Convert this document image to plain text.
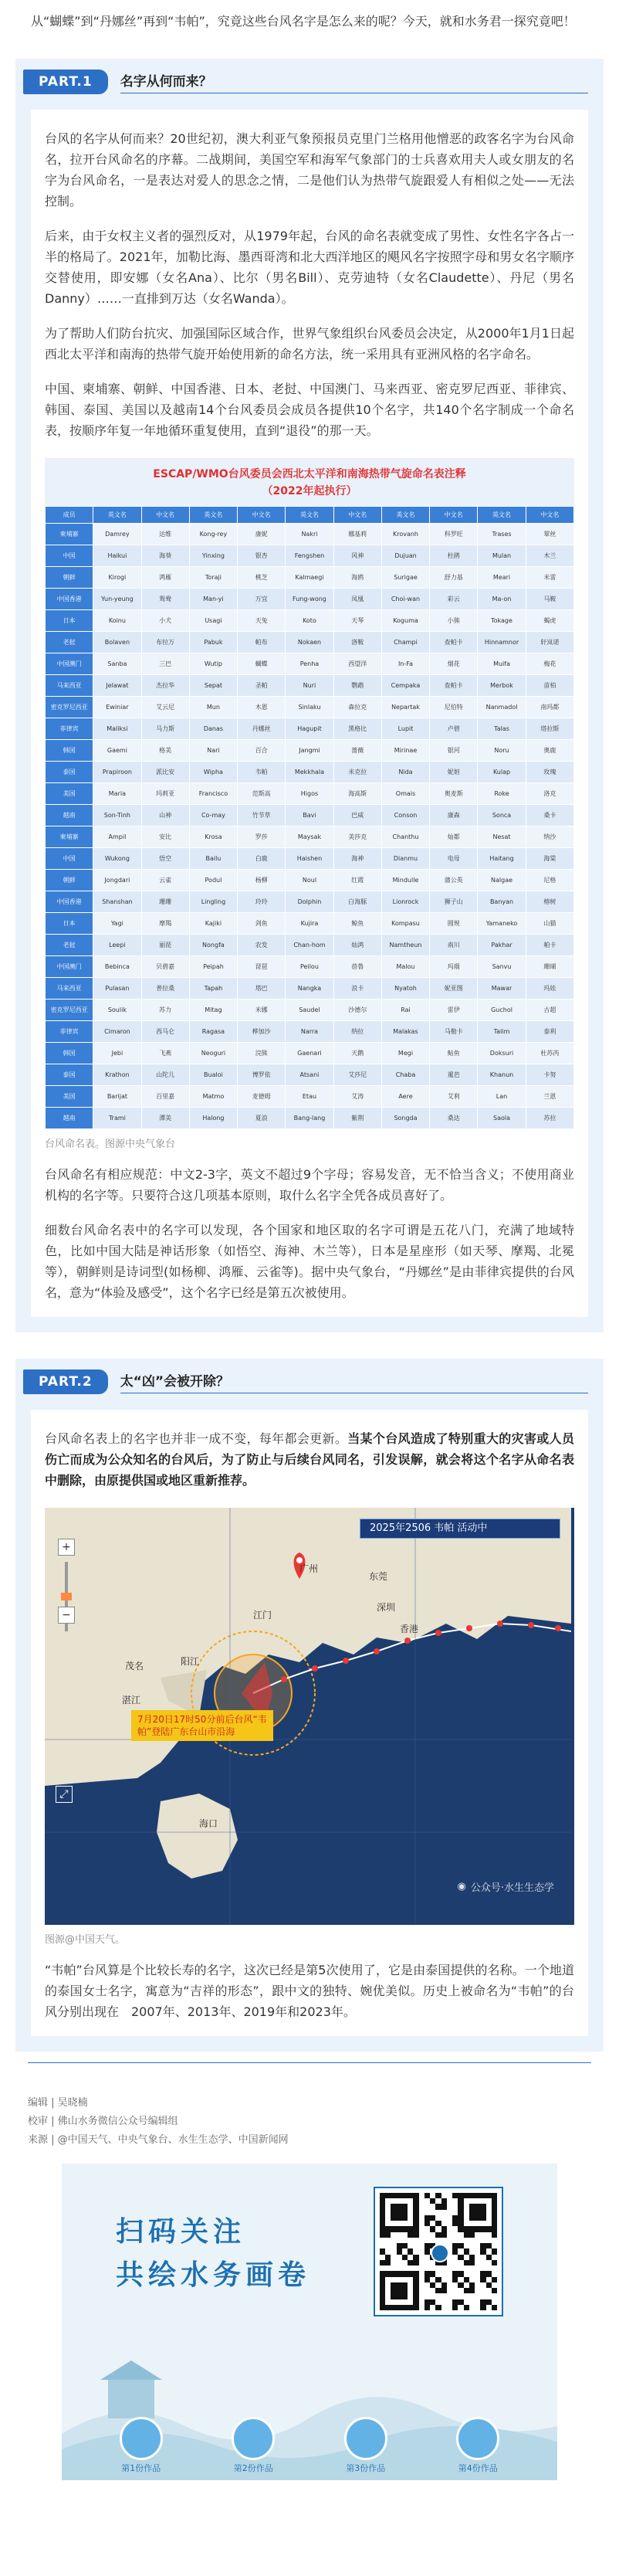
从“蝴蝶”到“丹娜丝”再到“韦帕”，究竟这些台风名字是怎么来的呢？今天，就和水务君一探究竟吧！

PART.1	名字从何而来？

台风的名字从何而来？20世纪初，澳大利亚气象预报员克里门兰格用他憎恶的政客名字为台风命名，拉开台风命名的序幕。二战期间，美国空军和海军气象部门的士兵喜欢用夫人或女朋友的名字为台风命名，一是表达对爱人的思念之情，二是他们认为热带气旋跟爱人有相似之处——无法控制。

后来，由于女权主义者的强烈反对，从1979年起，台风的命名表就变成了男性、女性名字各占一半的格局了。2021年，加勒比海、墨西哥湾和北大西洋地区的飓风名字按照字母和男女名字顺序交替使用，即安娜（女名Ana）、比尔（男名Bill）、克劳迪特（女名Claudette）、丹尼（男名Danny）……一直排到万达（女名Wanda）。

为了帮助人们防台抗灾、加强国际区域合作，世界气象组织台风委员会决定，从2000年1月1日起西北太平洋和南海的热带气旋开始使用新的命名方法，统一采用具有亚洲风格的名字命名。

中国、柬埔寨、朝鲜、中国香港、日本、老挝、中国澳门、马来西亚、密克罗尼西亚、菲律宾、韩国、泰国、美国以及越南14个台风委员会成员各提供10个名字，共140个名字制成一个命名表，按顺序年复一年地循环重复使用，直到“退役”的那一天。

ESCAP/WMO台风委员会西北太平洋和南海热带气旋命名表注释
（2022年起执行）
成员	英文名	中文名	英文名	中文名	英文名	中文名	英文名	中文名	英文名	中文名
柬埔寨	Damrey	达维	Kong-rey	康妮	Nakri	娜基莉	Krovanh	科罗旺	Trases	翠丝
中国	Haikui	海葵	Yinxing	银杏	Fengshen	风神	Dujuan	杜鹃	Mulan	木兰
朝鲜	Kirogi	鸿雁	Toraji	桃芝	Kalmaegi	海鸥	Surigae	舒力基	Meari	米雷
中国香港	Yun-yeung	鸳鸯	Man-yi	万宜	Fung-wong	凤凰	Choi-wan	彩云	Ma-on	马鞍
日本	Koinu	小犬	Usagi	天兔	Koto	天琴	Koguma	小熊	Tokage	蝎虎
老挝	Bolaven	布拉万	Pabuk	帕布	Nokaen	洛鞍	Champi	查帕卡	Hinnamnor	轩岚诺
中国澳门	Sanba	三巴	Wutip	蝴蝶	Penha	西望洋	In-Fa	烟花	Muifa	梅花
马来西亚	Jelawat	杰拉华	Sepat	圣帕	Nuri	鹦鹉	Cempaka	查帕卡	Merbok	苗柏
密克罗尼西亚	Ewiniar	艾云尼	Mun	木恩	Sinlaku	森拉克	Nepartak	尼伯特	Nanmadol	南玛都
菲律宾	Maliksi	马力斯	Danas	丹娜丝	Hagupit	黑格比	Lupit	卢碧	Talas	塔拉斯
韩国	Gaemi	格美	Nari	百合	Jangmi	蔷薇	Mirinae	银河	Noru	奥鹿
泰国	Prapiroon	派比安	Wipha	韦帕	Mekkhala	米克拉	Nida	妮妲	Kulap	玫瑰
美国	Maria	玛莉亚	Francisco	范斯高	Higos	海高斯	Omais	奥麦斯	Roke	洛克
越南	Son-Tinh	山神	Co-may	竹节草	Bavi	巴威	Conson	康森	Sonca	桑卡
柬埔寨	Ampil	安比	Krosa	罗莎	Maysak	美莎克	Chanthu	灿都	Nesat	纳沙
中国	Wukong	悟空	Bailu	白鹿	Haishen	海神	Dianmu	电母	Haitang	海棠
朝鲜	Jongdari	云雀	Podul	杨柳	Noul	红霞	Mindulle	蒲公英	Nalgae	尼格
中国香港	Shanshan	珊珊	Lingling	玲玲	Dolphin	白海豚	Lionrock	狮子山	Banyan	榕树
日本	Yagi	摩羯	Kajiki	剑鱼	Kujira	鲸鱼	Kompasu	圆规	Yamaneko	山猫
老挝	Leepi	丽琵	Nongfa	农发	Chan-hom	灿鸿	Namtheun	南川	Pakhar	帕卡
中国澳门	Bebinca	贝碧嘉	Peipah	琵琶	Peilou	蓓鲁	Malou	玛瑙	Sanvu	珊瑚
马来西亚	Pulasan	普拉桑	Tapah	塔巴	Nangka	浪卡	Nyatoh	妮亚图	Mawar	玛娃
密克罗尼西亚	Soulik	苏力	Mitag	米娜	Saudel	沙德尔	Rai	雷伊	Guchol	古超
菲律宾	Cimaron	西马仑	Ragasa	桦加沙	Narra	纳拉	Malakas	马勒卡	Talim	泰利
韩国	Jebi	飞燕	Neoguri	浣熊	Gaenari	天鹅	Megi	鲇鱼	Doksuri	杜苏芮
泰国	Krathon	山陀儿	Bualoi	博罗依	Atsani	艾莎尼	Chaba	暹芭	Khanun	卡努
美国	Barijat	百里嘉	Matmo	麦德姆	Etau	艾涛	Aere	艾利	Lan	兰恩
越南	Trami	潭美	Halong	夏浪	Bang-lang	紫荆	Songda	桑达	Saola	苏拉

台风命名表。图源中央气象台

台风命名有相应规范：中文2-3字，英文不超过9个字母；容易发音，无不恰当含义；不使用商业机构的名字等。只要符合这几项基本原则，取什么名字全凭各成员喜好了。

细数台风命名表中的名字可以发现，各个国家和地区取的名字可谓是五花八门，充满了地域特色，比如中国大陆是神话形象（如悟空、海神、木兰等），日本是星座形（如天琴、摩羯、北冕等），朝鲜则是诗词型(如杨柳、鸿雁、云雀等)。据中央气象台，“丹娜丝”是由菲律宾提供的台风名，意为“体验及感受”，这个名字已经是第五次被使用。

PART.2	太“凶”会被开除？

台风命名表上的名字也并非一成不变，每年都会更新。当某个台风造成了特别重大的灾害或人员伤亡而成为公众知名的台风后，为了防止与后续台风同名，引发误解，就会将这个名字从命名表中删除，由原提供国或地区重新推荐。

2025年2506 韦帕 活动中
+
−
茂名	阳江
广州
深圳
香港
湛江
海口
东莞
江门
7月20日17时50分前后台风“韦帕”登陆广东台山市沿海
⤢
◉ 公众号·水生生态学

图源@中国天气。

“韦帕”台风算是个比较长寿的名字，这次已经是第5次使用了，它是由泰国提供的名称。一个地道的泰国女士名字，寓意为“吉祥的形态”，跟中文的独特、婉优美似。历史上被命名为“韦帕”的台风分别出现在　2007年、2013年、2019年和2023年。

编辑 | 吴晓楠
校审 | 佛山水务微信公众号编辑组
来源 | @中国天气、中央气象台、水生生态学、中国新闻网
扫码关注
共绘水务画卷
第1份作品	第2份作品	第3份作品	第4份作品
